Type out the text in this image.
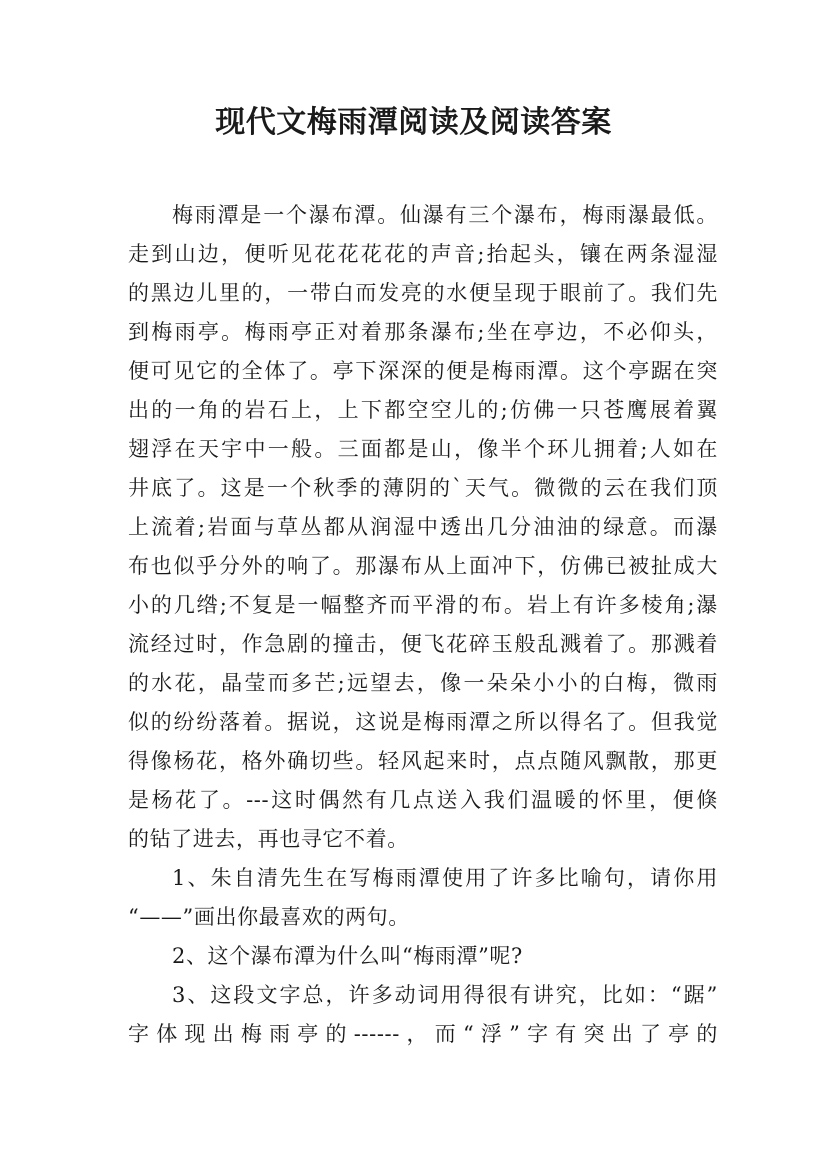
现代文梅雨潭阅读及阅读答案
梅雨潭是一个瀑布潭。仙瀑有三个瀑布，梅雨瀑最低。
走到山边，便听见花花花花的声音;抬起头，镶在两条湿湿
的黑边儿里的，一带白而发亮的水便呈现于眼前了。我们先
到梅雨亭。梅雨亭正对着那条瀑布;坐在亭边，不必仰头，
便可见它的全体了。亭下深深的便是梅雨潭。这个亭踞在突
出的一角的岩石上，上下都空空儿的;仿佛一只苍鹰展着翼
翅浮在天宇中一般。三面都是山，像半个环儿拥着;人如在
井底了。这是一个秋季的薄阴的`天气。微微的云在我们顶
上流着;岩面与草丛都从润湿中透出几分油油的绿意。而瀑
布也似乎分外的响了。那瀑布从上面冲下，仿佛已被扯成大
小的几绺;不复是一幅整齐而平滑的布。岩上有许多棱角;瀑
流经过时，作急剧的撞击，便飞花碎玉般乱溅着了。那溅着
的水花，晶莹而多芒;远望去，像一朵朵小小的白梅，微雨
似的纷纷落着。据说，这说是梅雨潭之所以得名了。但我觉
得像杨花，格外确切些。轻风起来时，点点随风飘散，那更
是杨花了。---这时偶然有几点送入我们温暖的怀里，便倏
的钻了进去，再也寻它不着。
1、朱自清先生在写梅雨潭使用了许多比喻句，请你用
“——”画出你最喜欢的两句。
2、这个瀑布潭为什么叫“梅雨潭”呢?
3、这段文字总，许多动词用得很有讲究，比如：“踞”
字体现出梅雨亭的------，而“浮”字有突出了亭的
